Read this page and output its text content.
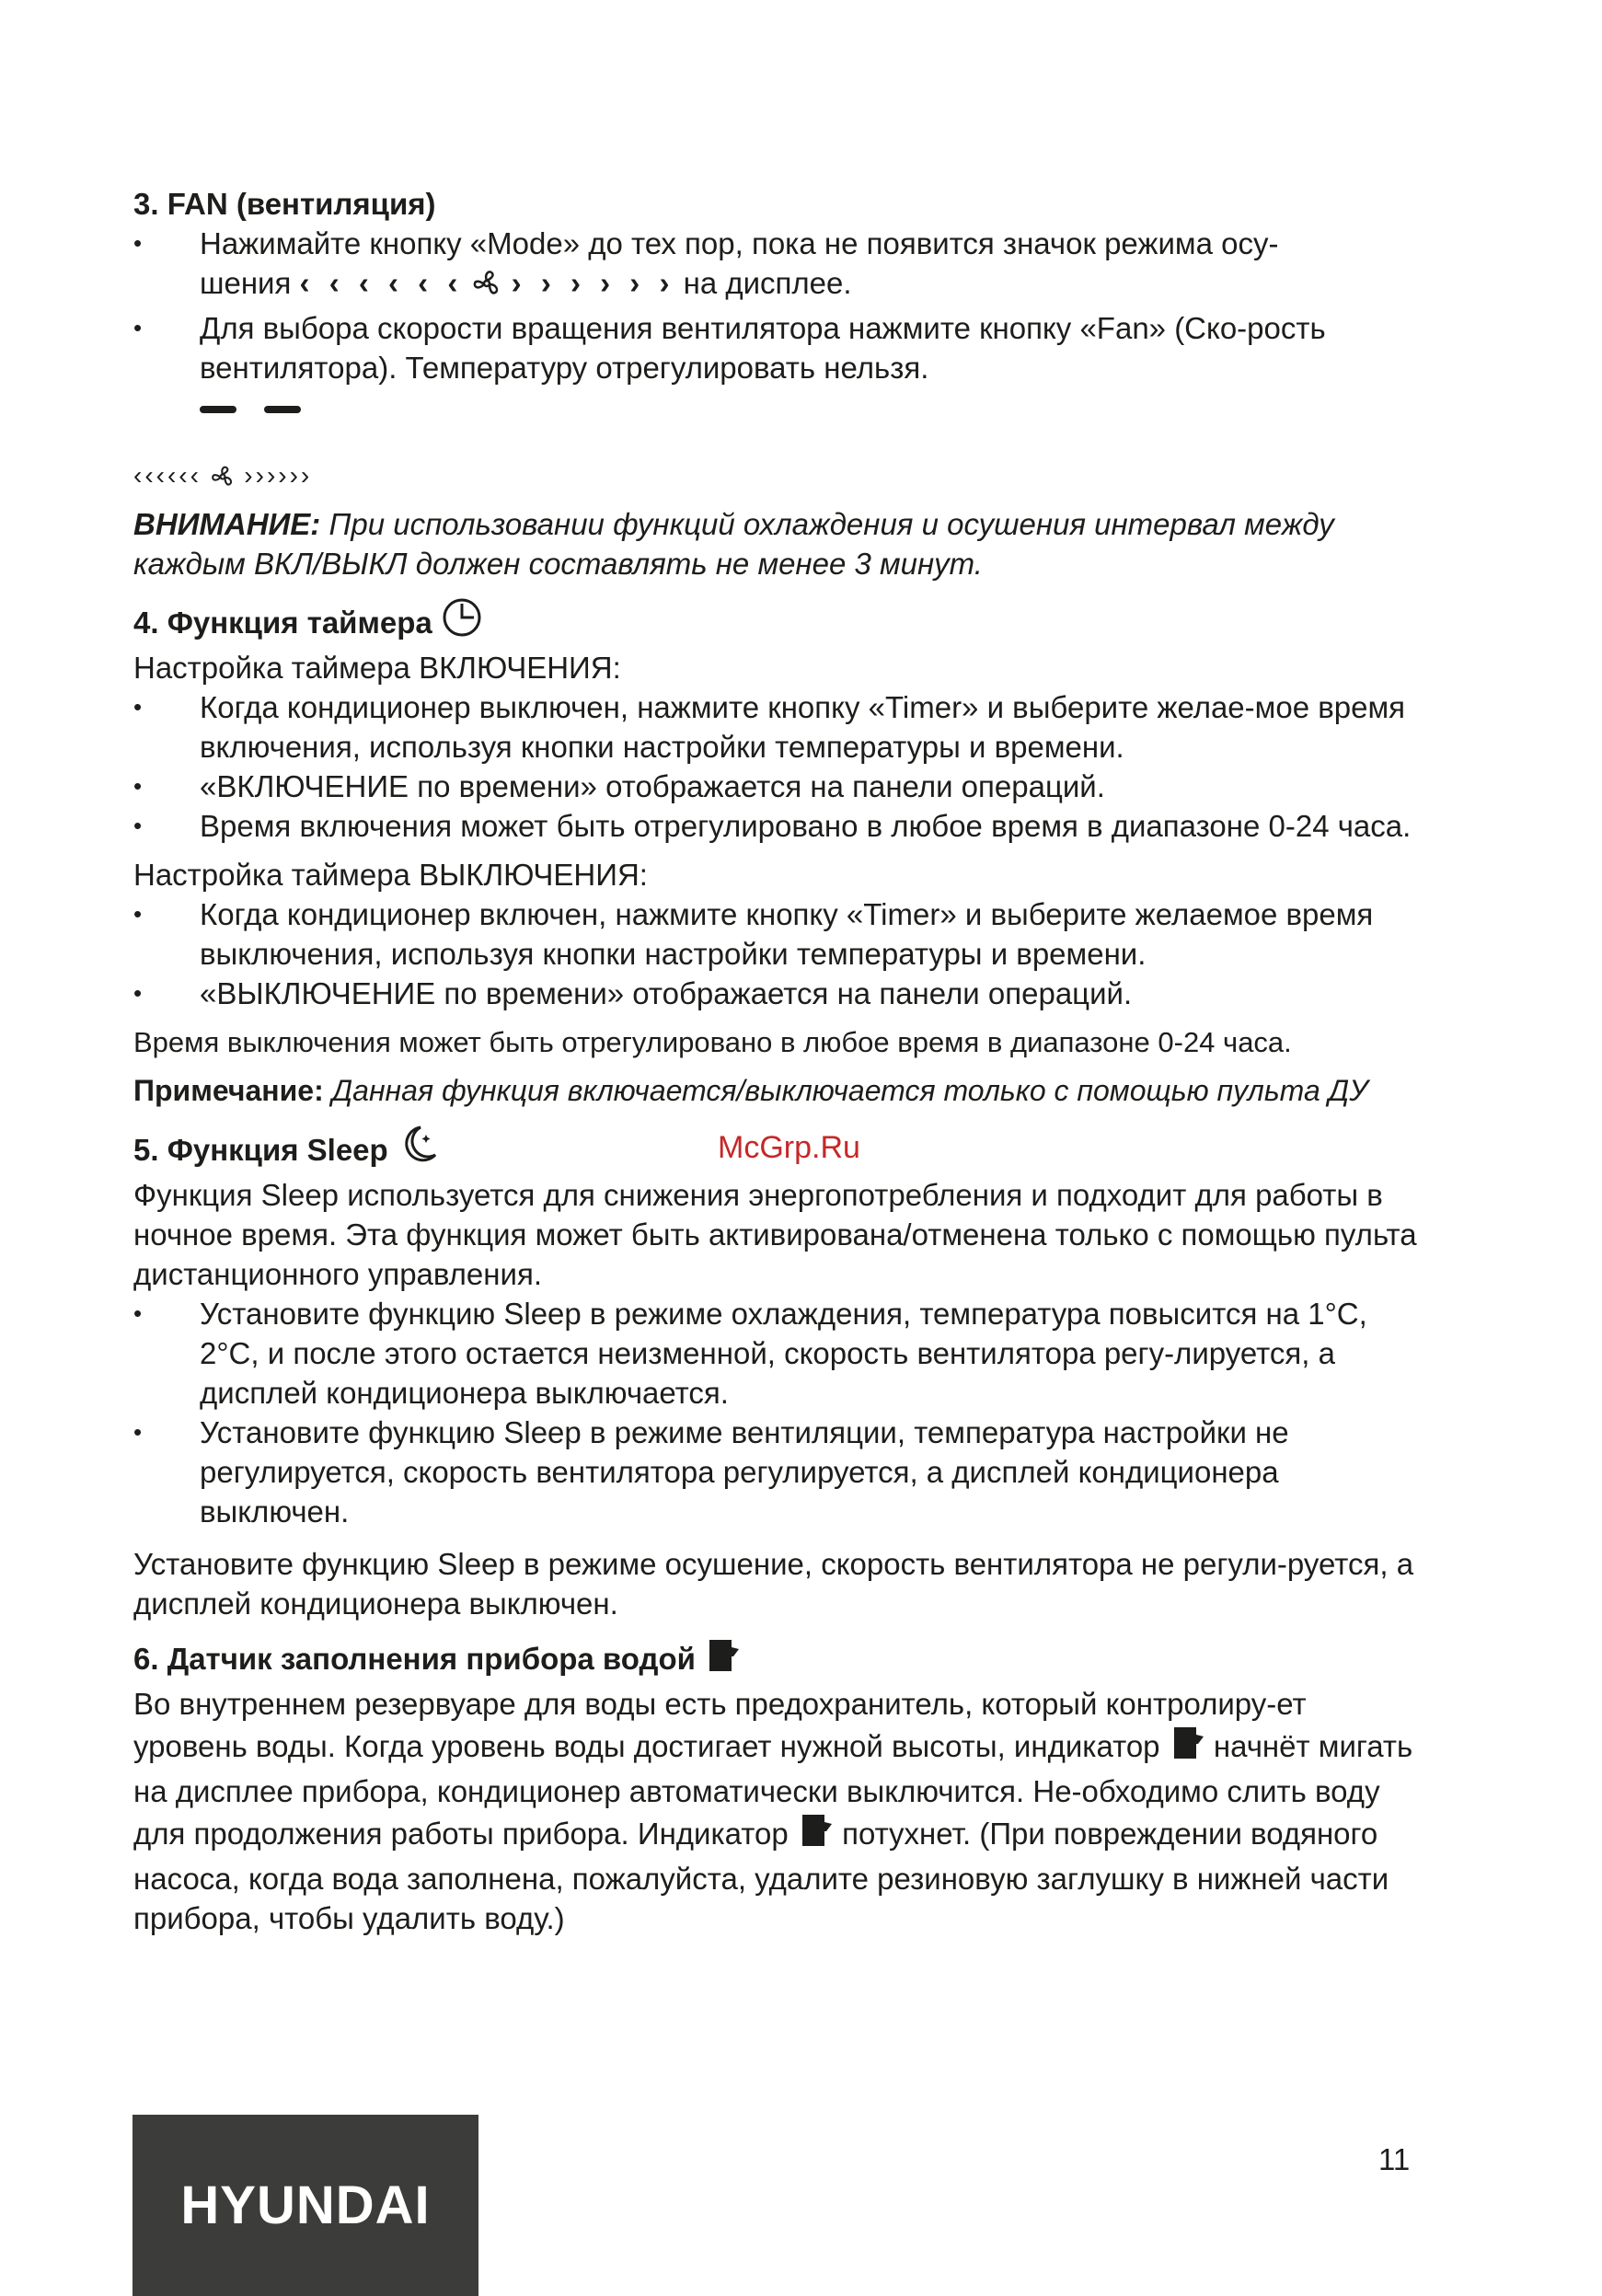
3. FAN (вентиляция)
• Нажимайте кнопку «Mode» до тех пор, пока не появится значок режима осу-
шения ‹ ‹ ‹ ‹ ‹ ‹ › › › › › › на дисплее.
• Для выбора скорости вращения вентилятора нажмите кнопку «Fan» (Ско-рость вентилятора). Температуру отрегулировать нельзя.

‹‹‹‹‹‹ ››››››

ВНИМАНИЕ: При использовании функций охлаждения и осушения интервал между каждым ВКЛ/ВЫКЛ должен составлять не менее 3 минут.

4. Функция таймера

Настройка таймера ВКЛЮЧЕНИЯ:

• Когда кондиционер выключен, нажмите кнопку «Timer» и выберите желае-мое время включения, используя кнопки настройки температуры и времени.
• «ВКЛЮЧЕНИЕ по времени» отображается на панели операций.
• Время включения может быть отрегулировано в любое время в диапазоне 0-24 часа.

Настройка таймера ВЫКЛЮЧЕНИЯ:

• Когда кондиционер включен, нажмите кнопку «Timer» и выберите желаемое время выключения, используя кнопки настройки температуры и времени.
• «ВЫКЛЮЧЕНИЕ по времени» отображается на панели операций.

Время выключения может быть отрегулировано в любое время в диапазоне 0-24 часа.

Примечание: Данная функция включается/выключается только с помощью пульта ДУ

5. Функция Sleep

Функция Sleep используется для снижения энергопотребления и подходит для работы в ночное время. Эта функция может быть активирована/отменена только с помощью пульта дистанционного управления.

• Установите функцию Sleep в режиме охлаждения, температура повысится на 1°C, 2°C, и после этого остается неизменной, скорость вентилятора регу-лируется, а дисплей кондиционера выключается.
• Установите функцию Sleep в режиме вентиляции, температура настройки не регулируется, скорость вентилятора регулируется, а дисплей кондиционера выключен.

Установите функцию Sleep в режиме осушение, скорость вентилятора не регули-руется, а дисплей кондиционера выключен.

6. Датчик заполнения прибора водой

Во внутреннем резервуаре для воды есть предохранитель, который контролиру-ет уровень воды. Когда уровень воды достигает нужной высоты, индикатор начнёт мигать на дисплее прибора, кондиционер автоматически выключится. Не-обходимо слить воду для продолжения работы прибора. Индикатор потухнет. (При повреждении водяного насоса, когда вода заполнена, пожалуйста, удалите резиновую заглушку в нижней части прибора, чтобы удалить воду.)

McGrp.Ru
HYUNDAI
11
